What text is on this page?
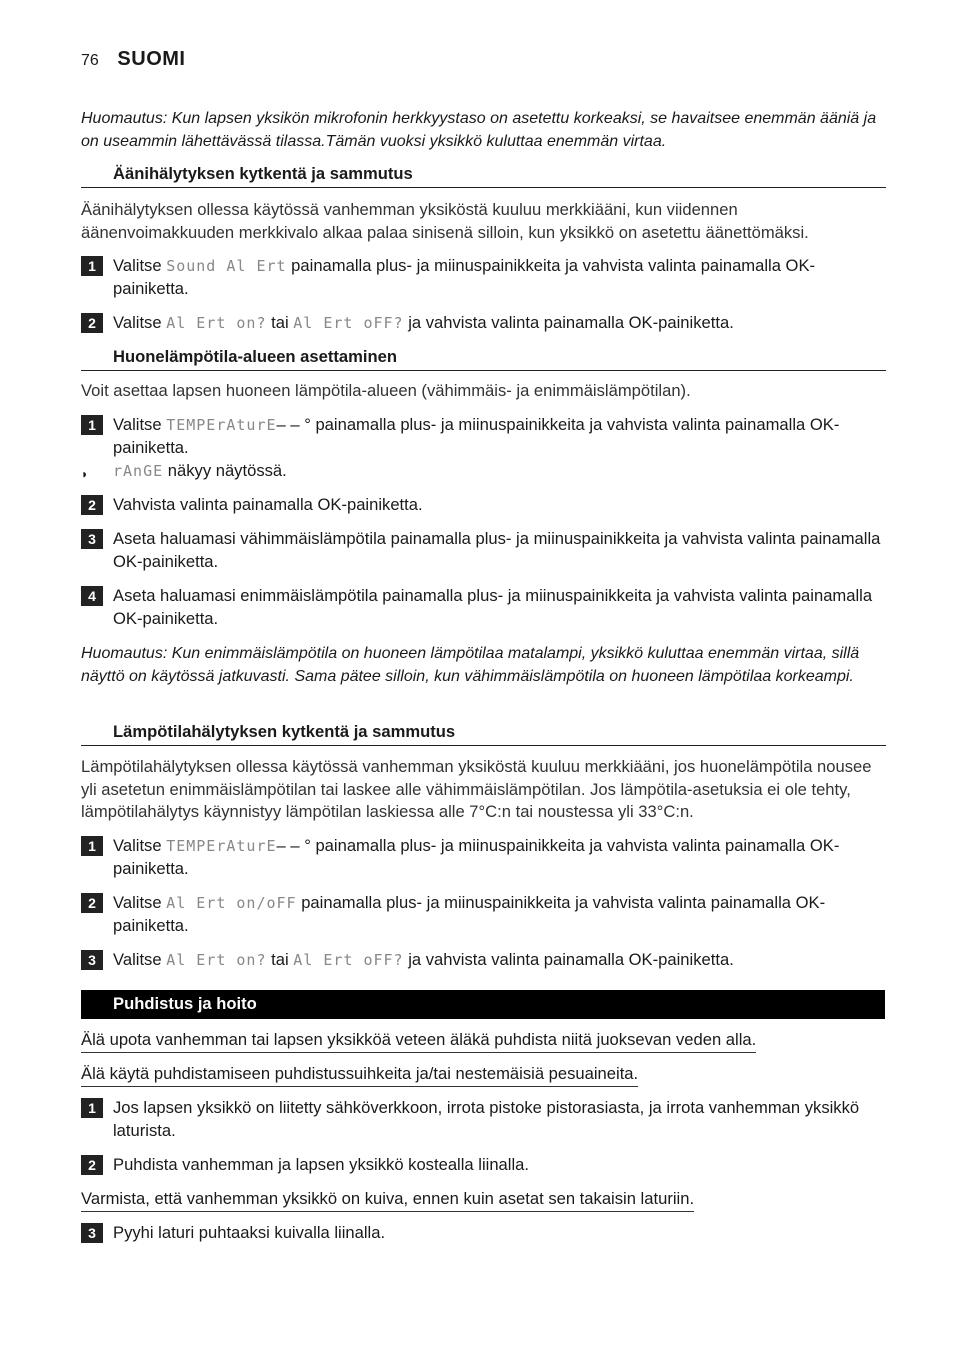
76 SUOMI
Huomautus: Kun lapsen yksikön mikrofonin herkkyystaso on asetettu korkeaksi, se havaitsee enemmän ääniä ja on useammin lähettävässä tilassa.Tämän vuoksi yksikkö kuluttaa enemmän virtaa.
Äänihälytyksen kytkentä ja sammutus
Äänihälytyksen ollessa käytössä vanhemman yksiköstä kuuluu merkkiääni, kun viidennen äänenvoimakkuuden merkkivalo alkaa palaa sinisenä silloin, kun yksikkö on asetettu äänettömäksi.
1	Valitse Sound Al Ert painamalla plus- ja miinuspainikkeita ja vahvista valinta painamalla OK-painiketta.
2	Valitse Al Ert on? tai Al Ert oFF? ja vahvista valinta painamalla OK-painiketta.
Huonelämpötila-alueen asettaminen
Voit asettaa lapsen huoneen lämpötila-alueen (vähimmäis- ja enimmäislämpötilan).
1	Valitse TEMPErAturE– – ° painamalla plus- ja miinuspainikkeita ja vahvista valinta painamalla OK-painiketta.
◗ rAnGE näkyy näytössä.
2	Vahvista valinta painamalla OK-painiketta.
3	Aseta haluamasi vähimmäislämpötila painamalla plus- ja miinuspainikkeita ja vahvista valinta painamalla OK-painiketta.
4	Aseta haluamasi enimmäislämpötila painamalla plus- ja miinuspainikkeita ja vahvista valinta painamalla OK-painiketta.
Huomautus: Kun enimmäislämpötila on huoneen lämpötilaa matalampi, yksikkö kuluttaa enemmän virtaa, sillä näyttö on käytössä jatkuvasti. Sama pätee silloin, kun vähimmäislämpötila on huoneen lämpötilaa korkeampi.
Lämpötilahälytyksen kytkentä ja sammutus
Lämpötilahälytyksen ollessa käytössä vanhemman yksiköstä kuuluu merkkiääni, jos huonelämpötila nousee yli asetetun enimmäislämpötilan tai laskee alle vähimmäislämpötilan. Jos lämpötila-asetuksia ei ole tehty, lämpötilahälytys käynnistyy lämpötilan laskiessa alle 7°C:n tai noustessa yli 33°C:n.
1	Valitse TEMPErAturE– – ° painamalla plus- ja miinuspainikkeita ja vahvista valinta painamalla OK-painiketta.
2	Valitse Al Ert on/oFF painamalla plus- ja miinuspainikkeita ja vahvista valinta painamalla OK-painiketta.
3	Valitse Al Ert on? tai Al Ert oFF? ja vahvista valinta painamalla OK-painiketta.
Puhdistus ja hoito
Älä upota vanhemman tai lapsen yksikköä veteen äläkä puhdista niitä juoksevan veden alla.
Älä käytä puhdistamiseen puhdistussuihkeita ja/tai nestemäisiä pesuaineita.
1	Jos lapsen yksikkö on liitetty sähköverkkoon, irrota pistoke pistorasiasta, ja irrota vanhemman yksikkö laturista.
2	Puhdista vanhemman ja lapsen yksikkö kostealla liinalla.
Varmista, että vanhemman yksikkö on kuiva, ennen kuin asetat sen takaisin laturiin.
3	Pyyhi laturi puhtaaksi kuivalla liinalla.
